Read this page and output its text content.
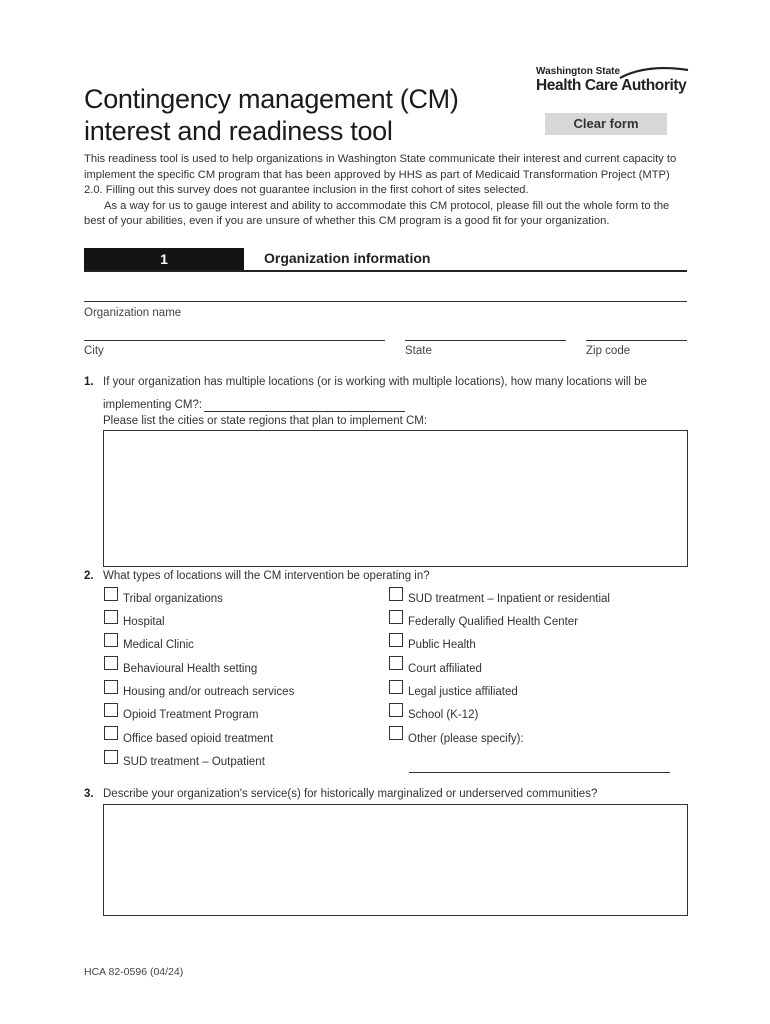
Contingency management (CM)
interest and readiness tool
Washington State
Health Care Authority
Clear form

This readiness tool is used to help organizations in Washington State communicate their interest and current capacity to implement the specific CM program that has been approved by HHS as part of Medicaid Transformation Project (MTP) 2.0. Filling out this survey does not guarantee inclusion in the first cohort of sites selected.

As a way for us to gauge interest and ability to accommodate this CM protocol, please fill out the whole form to the best of your abilities, even if you are unsure of whether this CM program is a good fit for your organization.

1	Organization information
Organization name
City	State	Zip code
1. If your organization has multiple locations (or is working with multiple locations), how many locations will be
implementing CM?:
Please list the cities or state regions that plan to implement CM:
2. What types of locations will the CM intervention be operating in?
Tribal organizations
Hospital
Medical Clinic
Behavioural Health setting
Housing and/or outreach services
Opioid Treatment Program
Office based opioid treatment
SUD treatment – Outpatient
SUD treatment – Inpatient or residential
Federally Qualified Health Center
Public Health
Court affiliated
Legal justice affiliated
School (K-12)
Other (please specify):
3. Describe your organization's service(s) for historically marginalized or underserved communities?
HCA 82-0596 (04/24)
